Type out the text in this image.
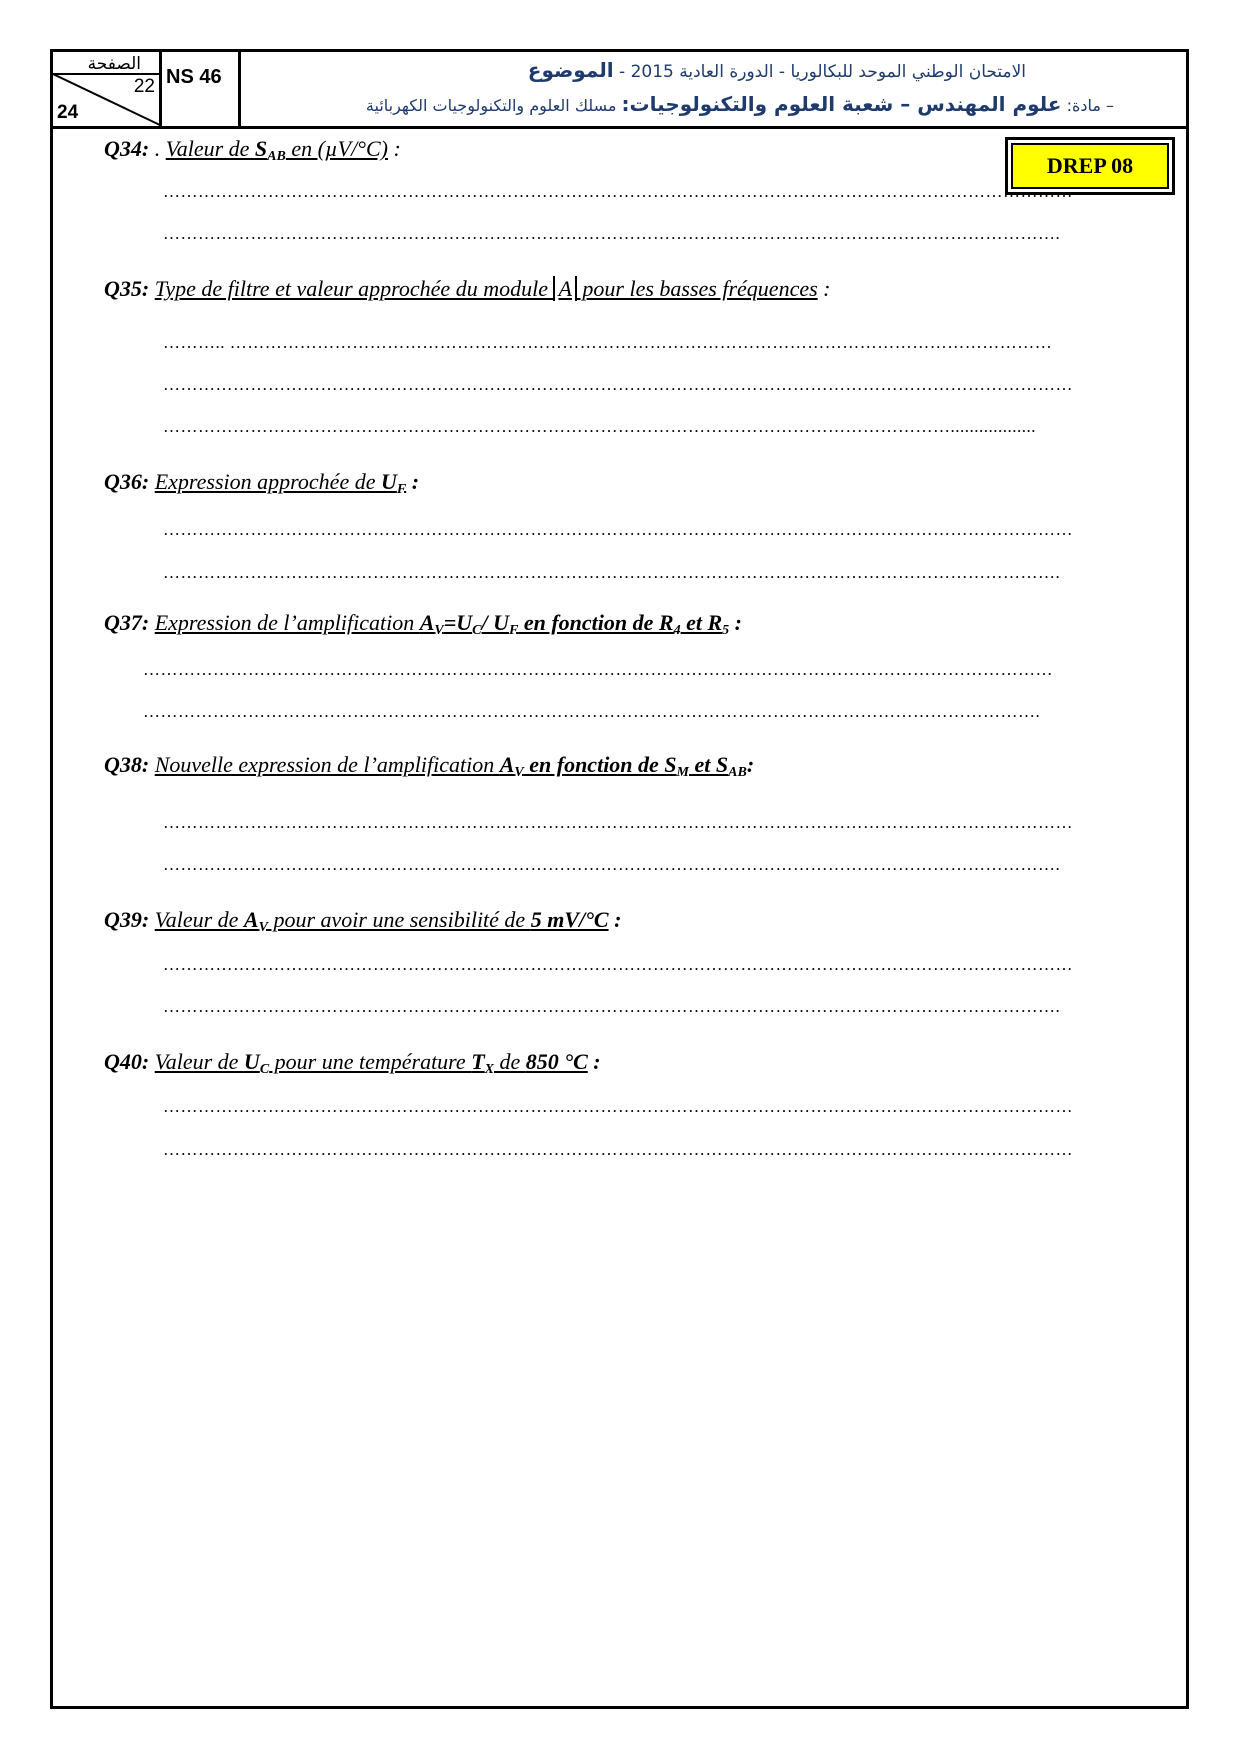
الصفحة
22
24
NS 46	الامتحان الوطني الموحد للبكالوريا - الدورة العادية 2015 - الموضوع
– مادة: علوم المهندس – شعبة العلوم والتكنولوجيات: مسلك العلوم والتكنولوجيات الكهربائية
DREP 08
Q34: . Valeur de $S_{AB}$ en (µV/°C) :
…………………………………………………………………………………………………………………………………………
……………………………………………………………………………………………………………………………………….
Q35: Type de filtre et valeur approchée du module A pour les basses fréquences :
……….. ……………………………………………………………………………………………………………………………
…………………………………………………………………………………………………………………………………………
………………………………………………………………………………………………………………………..................
Q36: Expression approchée de $U_F$ :
…………………………………………………………………………………………………………………………………………
……………………………………………………………………………………………………………………………………….
Q37: Expression de l’amplification $A_V=U_C/$ $U_F$ en fonction de $R_4$ et $R_5$ :
…………………………………………………………………………………………………………………………………………
……………………………………………………………………………………………………………………………………….
Q38: Nouvelle expression de l’amplification $A_V$ en fonction de $S_M$ et $S_{AB}$:
…………………………………………………………………………………………………………………………………………
……………………………………………………………………………………………………………………………………….
Q39: Valeur de $A_V$ pour avoir une sensibilité de 5 mV/°C :
…………………………………………………………………………………………………………………………………………
……………………………………………………………………………………………………………………………………….
Q40: Valeur de $U_C$ pour une température $T_X$ de 850 °C :
…………………………………………………………………………………………………………………………………………
…………………………………………………………………………………………………………………………………………
